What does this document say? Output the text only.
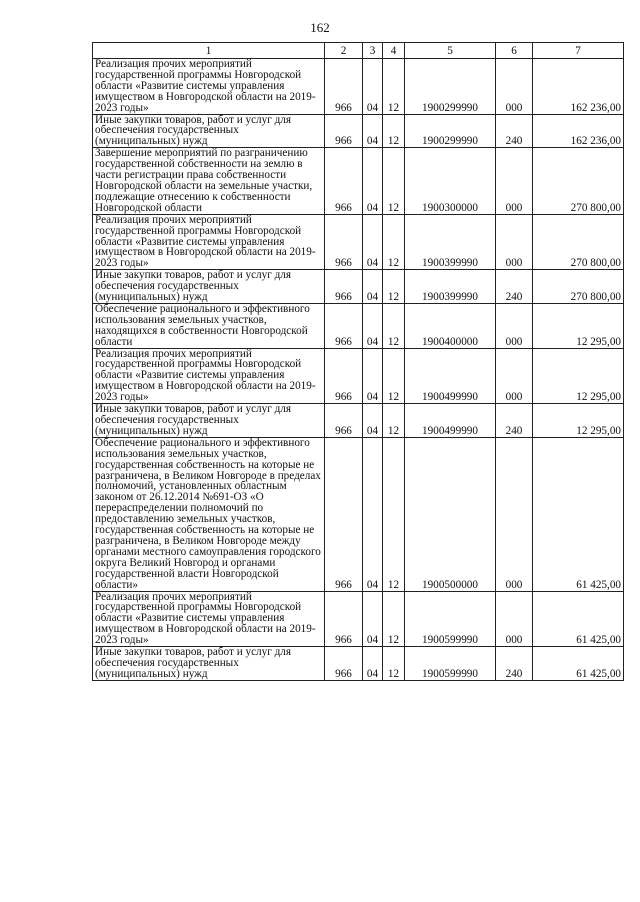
162
1	2	3	4	5	6	7
Реализация прочих мероприятий государственной программы Новгородской области «Развитие системы управления имуществом в Новгородской области на 2019-2023 годы»	966	04	12	1900299990	000	162 236,00
Иные закупки товаров, работ и услуг для обеспечения государственных (муниципальных) нужд	966	04	12	1900299990	240	162 236,00
Завершение мероприятий по разграничению государственной собственности на землю в части регистрации права собственности Новгородской области на земельные участки, подлежащие отнесению к собственности Новгородской области	966	04	12	1900300000	000	270 800,00
Реализация прочих мероприятий государственной программы Новгородской области «Развитие системы управления имуществом в Новгородской области на 2019-2023 годы»	966	04	12	1900399990	000	270 800,00
Иные закупки товаров, работ и услуг для обеспечения государственных (муниципальных) нужд	966	04	12	1900399990	240	270 800,00
Обеспечение рационального и эффективного использования земельных участков, находящихся в собственности Новгородской области	966	04	12	1900400000	000	12 295,00
Реализация прочих мероприятий государственной программы Новгородской области «Развитие системы управления имуществом в Новгородской области на 2019-2023 годы»	966	04	12	1900499990	000	12 295,00
Иные закупки товаров, работ и услуг для обеспечения государственных (муниципальных) нужд	966	04	12	1900499990	240	12 295,00
Обеспечение рационального и эффективного использования земельных участков, государственная собственность на которые не разграничена, в Великом Новгороде в пределах полномочий, установленных областным законом от 26.12.2014 №691-ОЗ «О перераспределении полномочий по предоставлению земельных участков, государственная собственность на которые не разграничена, в Великом Новгороде между органами местного самоуправления городского округа Великий Новгород и органами государственной власти Новгородской области»	966	04	12	1900500000	000	61 425,00
Реализация прочих мероприятий государственной программы Новгородской области «Развитие системы управления имуществом в Новгородской области на 2019-2023 годы»	966	04	12	1900599990	000	61 425,00
Иные закупки товаров, работ и услуг для обеспечения государственных (муниципальных) нужд	966	04	12	1900599990	240	61 425,00
